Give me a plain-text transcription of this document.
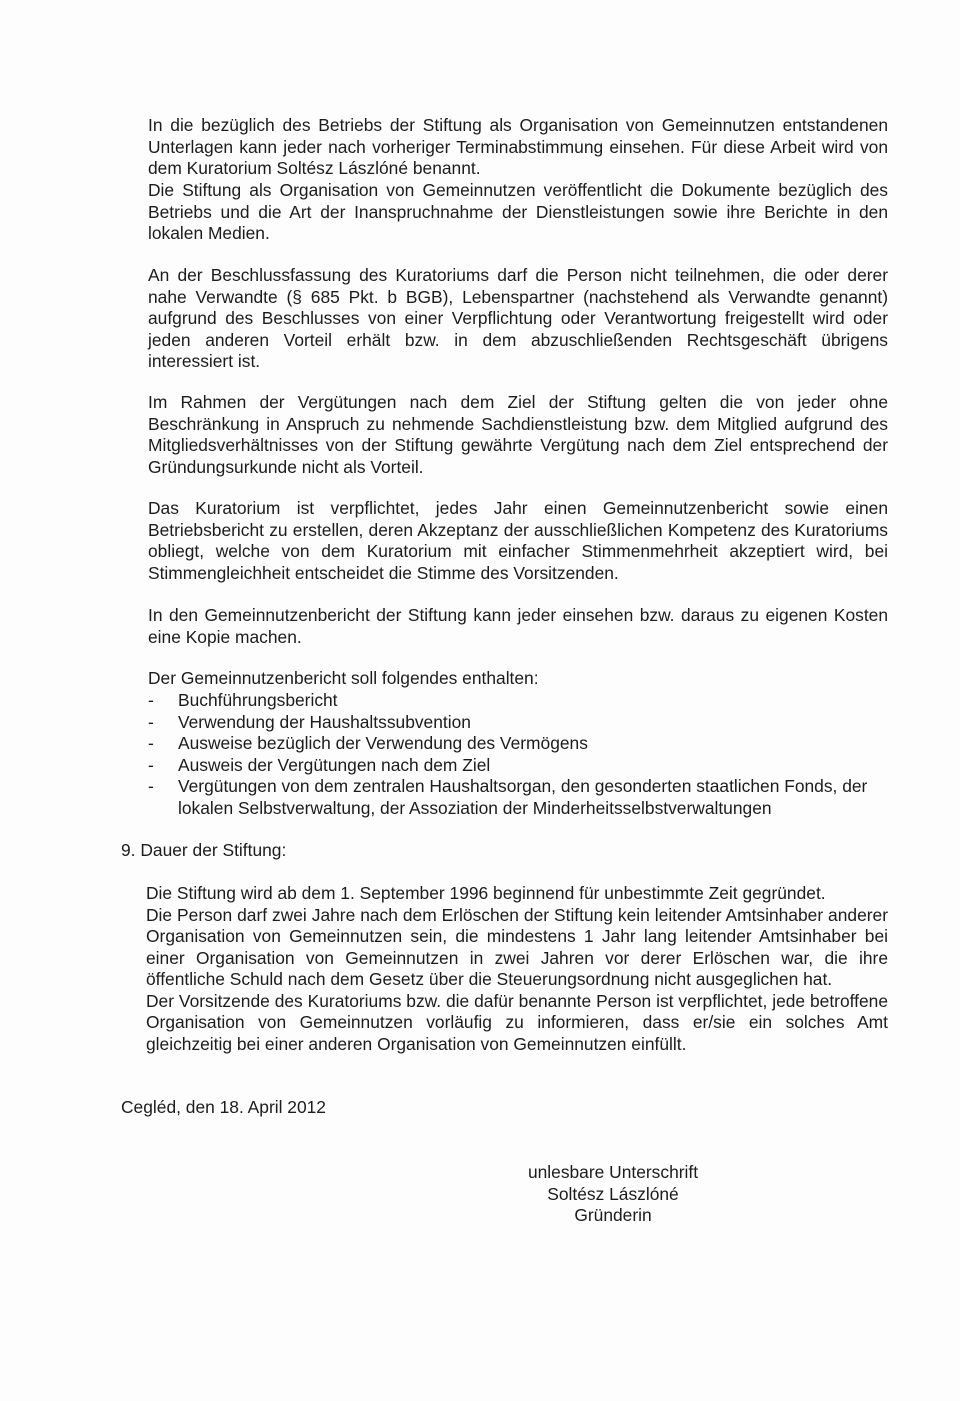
In die bezüglich des Betriebs der Stiftung als Organisation von Gemeinnutzen entstandenen Unterlagen kann jeder nach vorheriger Terminabstimmung einsehen. Für diese Arbeit wird von dem Kuratorium Soltész Lászlóné benannt.

Die Stiftung als Organisation von Gemeinnutzen veröffentlicht die Dokumente bezüglich des Betriebs und die Art der Inanspruchnahme der Dienstleistungen sowie ihre Berichte in den lokalen Medien.

An der Beschlussfassung des Kuratoriums darf die Person nicht teilnehmen, die oder derer nahe Verwandte (§ 685 Pkt. b BGB), Lebenspartner (nachstehend als Verwandte genannt) aufgrund des Beschlusses von einer Verpflichtung oder Verantwortung freigestellt wird oder jeden anderen Vorteil erhält bzw. in dem abzuschließenden Rechtsgeschäft übrigens interessiert ist.

Im Rahmen der Vergütungen nach dem Ziel der Stiftung gelten die von jeder ohne Beschränkung in Anspruch zu nehmende Sachdienstleistung bzw. dem Mitglied aufgrund des Mitgliedsverhältnisses von der Stiftung gewährte Vergütung nach dem Ziel entsprechend der Gründungsurkunde nicht als Vorteil.

Das Kuratorium ist verpflichtet, jedes Jahr einen Gemeinnutzenbericht sowie einen Betriebsbericht zu erstellen, deren Akzeptanz der ausschließlichen Kompetenz des Kuratoriums obliegt, welche von dem Kuratorium mit einfacher Stimmenmehrheit akzeptiert wird, bei Stimmengleichheit entscheidet die Stimme des Vorsitzenden.

In den Gemeinnutzenbericht der Stiftung kann jeder einsehen bzw. daraus zu eigenen Kosten eine Kopie machen.

Der Gemeinnutzenbericht soll folgendes enthalten:

-	Buchführungsbericht
-	Verwendung der Haushaltssubvention
-	Ausweise bezüglich der Verwendung des Vermögens
-	Ausweis der Vergütungen nach dem Ziel
-	Vergütungen von dem zentralen Haushaltsorgan, den gesonderten staatlichen Fonds, der lokalen Selbstverwaltung, der Assoziation der Minderheitsselbstverwaltungen

9. Dauer der Stiftung:

Die Stiftung wird ab dem 1. September 1996 beginnend für unbestimmte Zeit gegründet.

Die Person darf zwei Jahre nach dem Erlöschen der Stiftung kein leitender Amtsinhaber anderer Organisation von Gemeinnutzen sein, die mindestens 1 Jahr lang leitender Amtsinhaber bei einer Organisation von Gemeinnutzen in zwei Jahren vor derer Erlöschen war, die ihre öffentliche Schuld nach dem Gesetz über die Steuerungsordnung nicht ausgeglichen hat.

Der Vorsitzende des Kuratoriums bzw. die dafür benannte Person ist verpflichtet, jede betroffene Organisation von Gemeinnutzen vorläufig zu informieren, dass er/sie ein solches Amt gleichzeitig bei einer anderen Organisation von Gemeinnutzen einfüllt.

Cegléd, den 18. April 2012

unlesbare Unterschrift

Soltész Lászlóné

Gründerin
